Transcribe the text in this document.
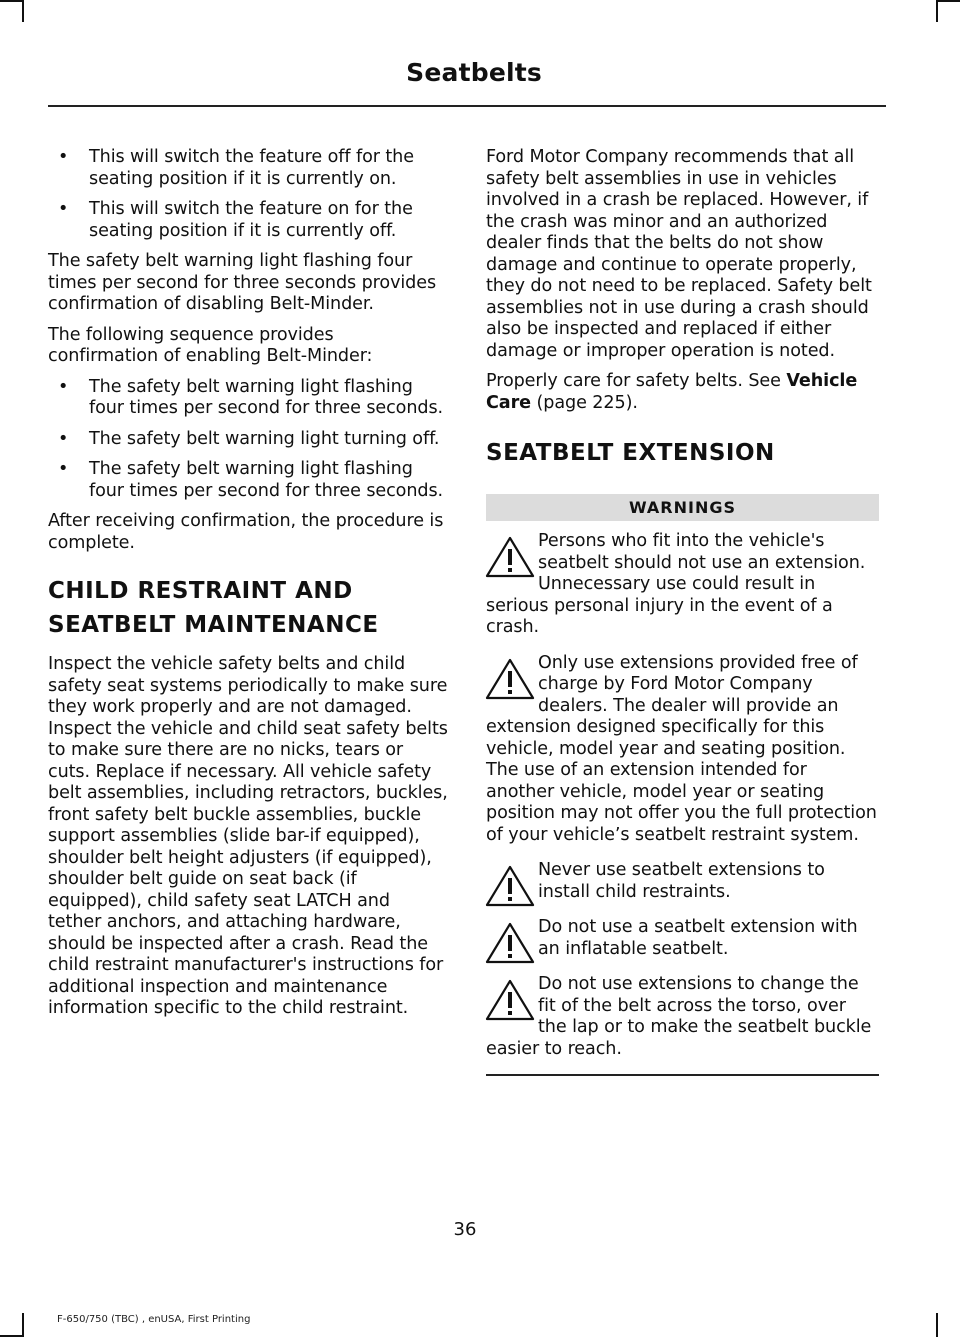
Seatbelts
• This will switch the feature off for the seating position if it is currently on.
• This will switch the feature on for the seating position if it is currently off.

The safety belt warning light flashing four times per second for three seconds provides confirmation of disabling Belt-Minder.

The following sequence provides confirmation of enabling Belt-Minder:

• The safety belt warning light flashing four times per second for three seconds.
• The safety belt warning light turning off.
• The safety belt warning light flashing four times per second for three seconds.

After receiving confirmation, the procedure is complete.

CHILD RESTRAINT AND
SEATBELT MAINTENANCE

Inspect the vehicle safety belts and child safety seat systems periodically to make sure they work properly and are not damaged. Inspect the vehicle and child seat safety belts to make sure there are no nicks, tears or cuts. Replace if necessary. All vehicle safety belt assemblies, including retractors, buckles, front safety belt buckle assemblies, buckle support assemblies (slide bar-if equipped), shoulder belt height adjusters (if equipped), shoulder belt guide on seat back (if equipped), child safety seat LATCH and tether anchors, and attaching hardware, should be inspected after a crash. Read the child restraint manufacturer's instructions for additional inspection and maintenance information specific to the child restraint.

Ford Motor Company recommends that all safety belt assemblies in use in vehicles involved in a crash be replaced. However, if the crash was minor and an authorized dealer finds that the belts do not show damage and continue to operate properly, they do not need to be replaced. Safety belt assemblies not in use during a crash should also be inspected and replaced if either damage or improper operation is noted.

Properly care for safety belts. See Vehicle Care (page 225).

SEATBELT EXTENSION
WARNINGS
Persons who fit into the vehicle's seatbelt should not use an extension. Unnecessary use could result in serious personal injury in the event of a crash.
Only use extensions provided free of charge by Ford Motor Company dealers. The dealer will provide an extension designed specifically for this vehicle, model year and seating position. The use of an extension intended for another vehicle, model year or seating position may not offer you the full protection of your vehicle’s seatbelt restraint system.
Never use seatbelt extensions to install child restraints.
Do not use a seatbelt extension with an inflatable seatbelt.
Do not use extensions to change the fit of the belt across the torso, over the lap or to make the seatbelt buckle easier to reach.
36
F-650/750 (TBC) , enUSA, First Printing
